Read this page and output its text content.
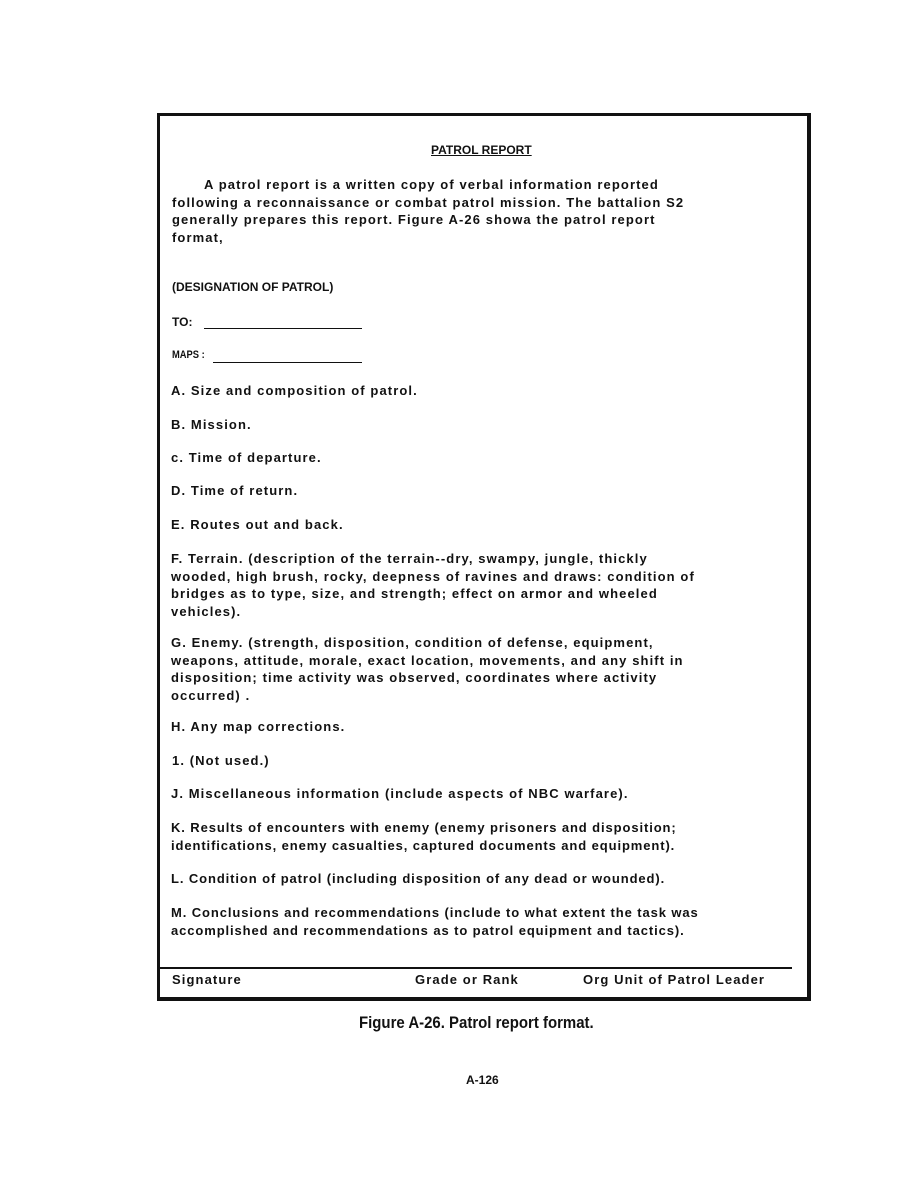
PATROL REPORT
A patrol report is a written copy of verbal information reported
following a reconnaissance or combat patrol mission. The battalion S2
generally prepares this report. Figure A-26 showa the patrol report
format,
(DESIGNATION OF PATROL)
TO:
MAPS :
A. Size and composition of patrol.
B. Mission.
c. Time of departure.
D. Time of return.
E. Routes out and back.
F. Terrain. (description of the terrain--dry, swampy, jungle, thickly
wooded, high brush, rocky, deepness of ravines and draws: condition of
bridges as to type, size, and strength; effect on armor and wheeled
vehicles).
G. Enemy. (strength, disposition, condition of defense, equipment,
weapons, attitude, morale, exact location, movements, and any shift in
disposition; time activity was observed, coordinates where activity
occurred) .
H. Any map corrections.
1. (Not used.)
J. Miscellaneous information (include aspects of NBC warfare).
K. Results of encounters with enemy (enemy prisoners and disposition;
identifications, enemy casualties, captured documents and equipment).
L. Condition of patrol (including disposition of any dead or wounded).
M. Conclusions and recommendations (include to what extent the task was
accomplished and recommendations as to patrol equipment and tactics).
Signature	Grade or Rank	Org Unit of Patrol Leader
Figure A-26. Patrol report format.
A-126
